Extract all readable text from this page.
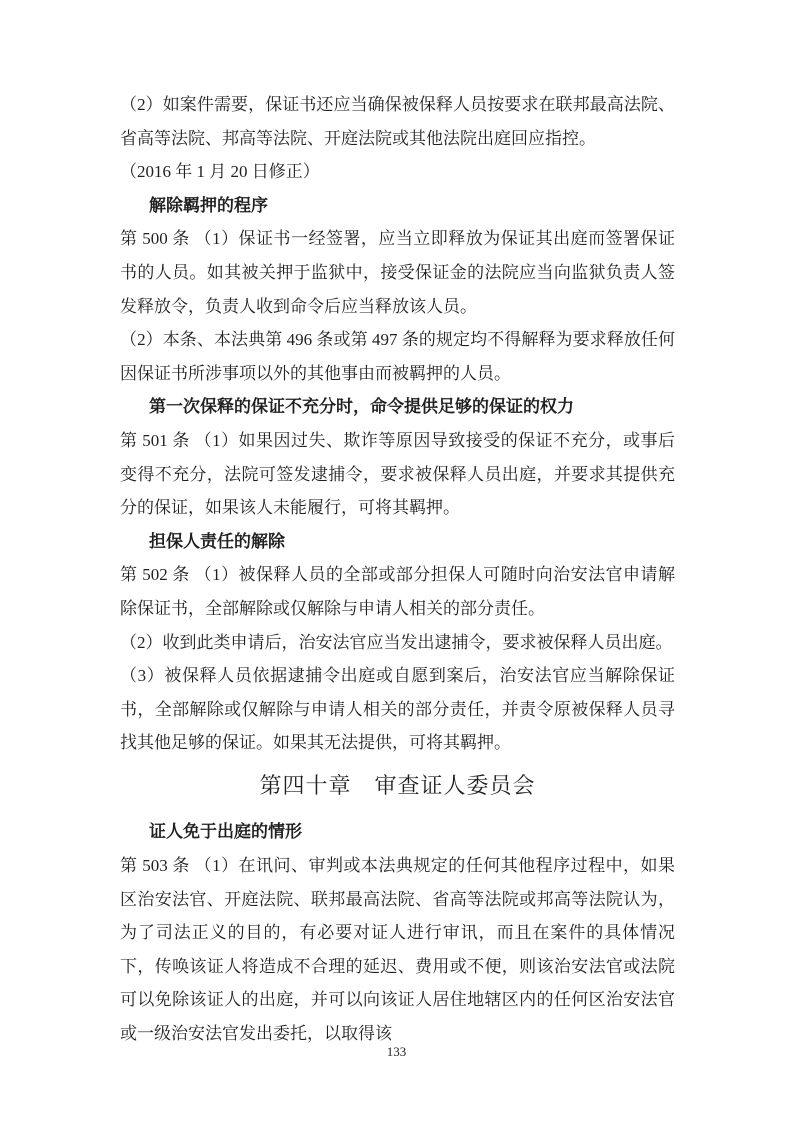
（2）如案件需要，保证书还应当确保被保释人员按要求在联邦最高法院、省高等法院、邦高等法院、开庭法院或其他法院出庭回应指控。
（2016 年 1 月 20 日修正）
解除羁押的程序
第 500 条 （1）保证书一经签署，应当立即释放为保证其出庭而签署保证书的人员。如其被关押于监狱中，接受保证金的法院应当向监狱负责人签发释放令，负责人收到命令后应当释放该人员。
（2）本条、本法典第 496 条或第 497 条的规定均不得解释为要求释放任何因保证书所涉事项以外的其他事由而被羁押的人员。
第一次保释的保证不充分时，命令提供足够的保证的权力
第 501 条 （1）如果因过失、欺诈等原因导致接受的保证不充分，或事后变得不充分，法院可签发逮捕令，要求被保释人员出庭，并要求其提供充分的保证，如果该人未能履行，可将其羁押。
担保人责任的解除
第 502 条 （1）被保释人员的全部或部分担保人可随时向治安法官申请解除保证书，全部解除或仅解除与申请人相关的部分责任。
（2）收到此类申请后，治安法官应当发出逮捕令，要求被保释人员出庭。
（3）被保释人员依据逮捕令出庭或自愿到案后，治安法官应当解除保证书，全部解除或仅解除与申请人相关的部分责任，并责令原被保释人员寻找其他足够的保证。如果其无法提供，可将其羁押。
第四十章　审查证人委员会
证人免于出庭的情形
第 503 条 （1）在讯问、审判或本法典规定的任何其他程序过程中，如果区治安法官、开庭法院、联邦最高法院、省高等法院或邦高等法院认为，为了司法正义的目的，有必要对证人进行审讯，而且在案件的具体情况下，传唤该证人将造成不合理的延迟、费用或不便，则该治安法官或法院可以免除该证人的出庭，并可以向该证人居住地辖区内的任何区治安法官或一级治安法官发出委托，以取得该
133
